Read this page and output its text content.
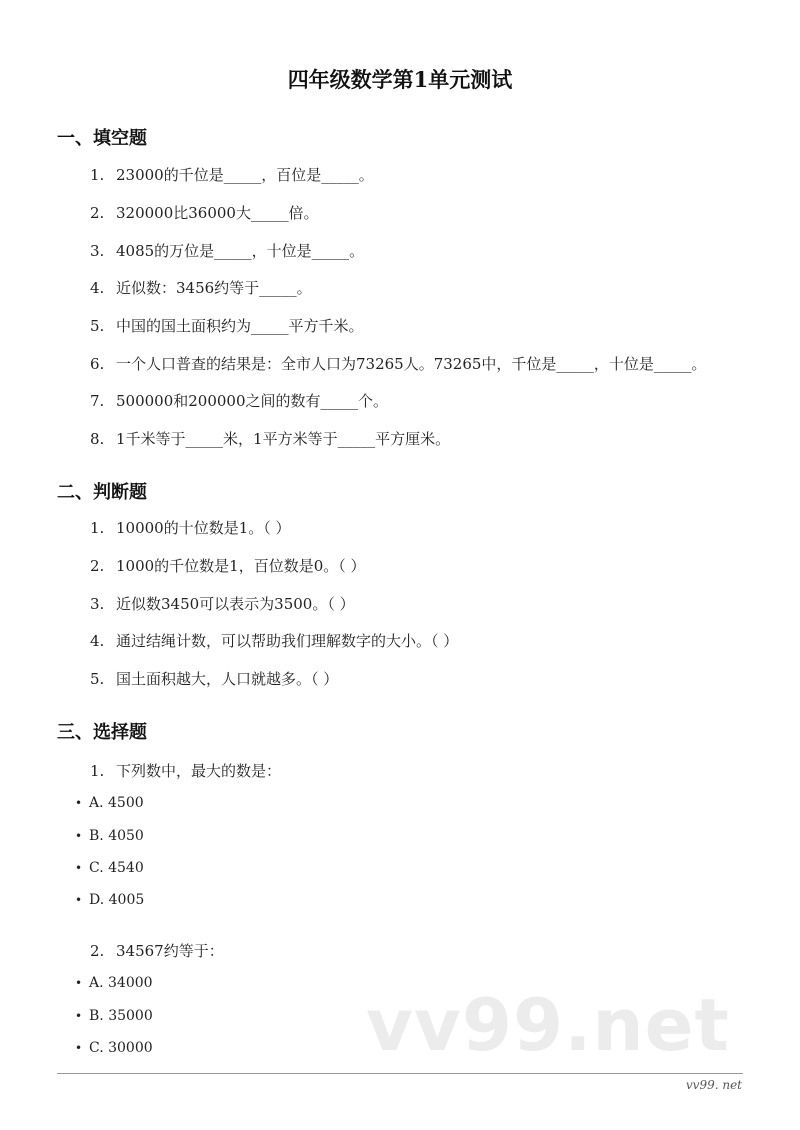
四年级数学第1单元测试
一、填空题
1. 23000的千位是_____，百位是_____。
2. 320000比36000大_____倍。
3. 4085的万位是_____，十位是_____。
4. 近似数：3456约等于_____。
5. 中国的国土面积约为_____平方千米。
6. 一个人口普查的结果是：全市人口为73265人。73265中，千位是_____，十位是_____。
7. 500000和200000之间的数有_____个。
8. 1千米等于_____米，1平方米等于_____平方厘米。
二、判断题
1. 10000的十位数是1。（ ）
2. 1000的千位数是1，百位数是0。（ ）
3. 近似数3450可以表示为3500。（ ）
4. 通过结绳计数，可以帮助我们理解数字的大小。（ ）
5. 国土面积越大，人口就越多。（ ）
三、选择题
1. 下列数中，最大的数是：
• A. 4500
• B. 4050
• C. 4540
• D. 4005
2. 34567约等于：
• A. 34000
• B. 35000
• C. 30000	vv99.net
vv99. net
